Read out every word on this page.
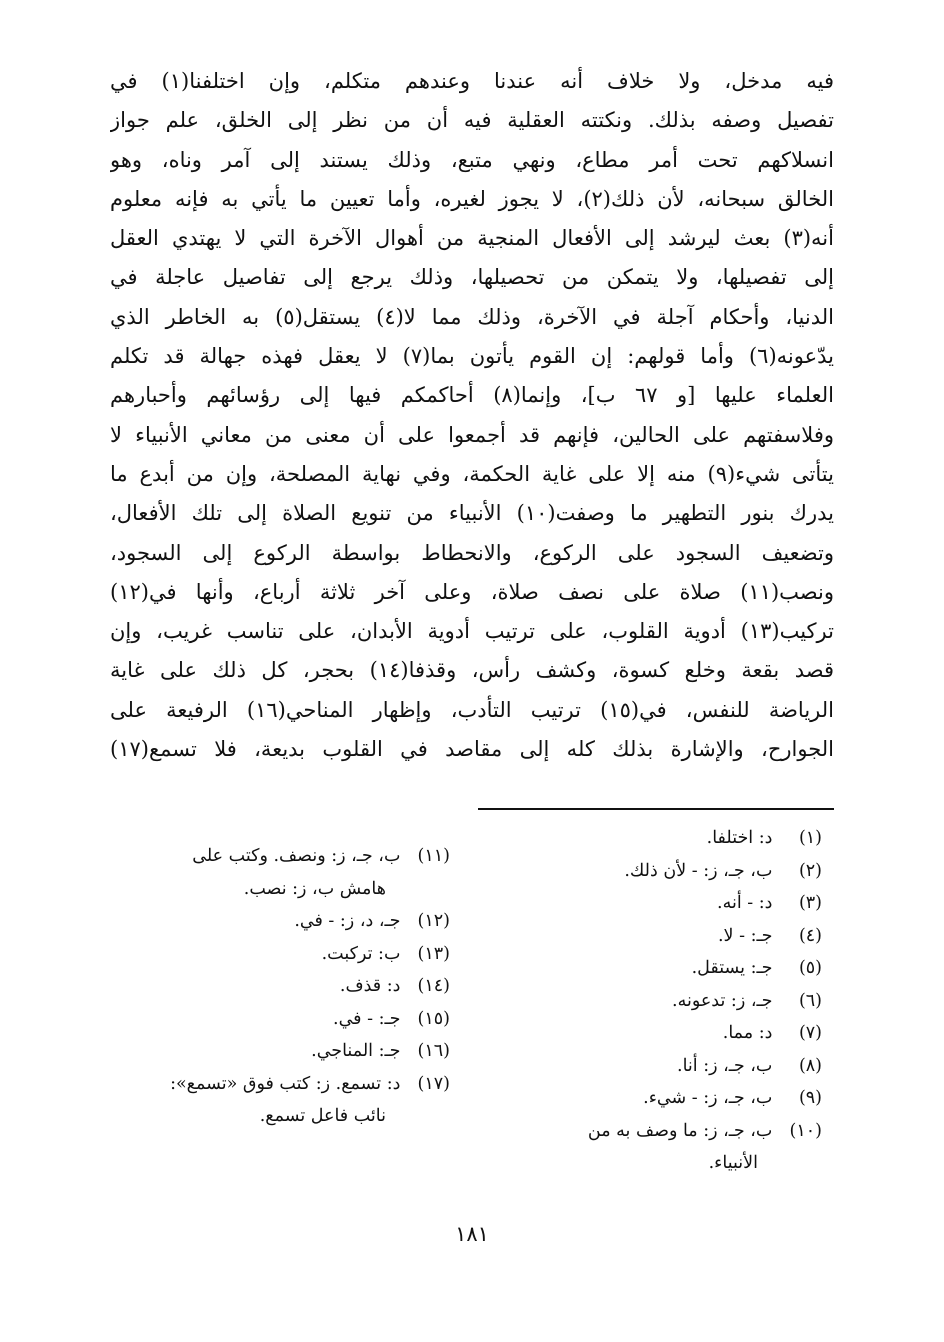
فيه مدخل، ولا خلاف أنه عندنا وعندهم متكلم، وإن اختلفنا(١) في
تفصيل وصفه بذلك. ونكتته العقلية فيه أن من نظر إلى الخلق، علم جواز
انسلاكهم تحت أمر مطاع، ونهي متبع، وذلك يستند إلى آمر وناه، وهو
الخالق سبحانه، لأن ذلك(٢)، لا يجوز لغيره، وأما تعيين ما يأتي به فإنه معلوم
أنه(٣) بعث ليرشد إلى الأفعال المنجية من أهوال الآخرة التي لا يهتدي العقل
إلى تفصيلها، ولا يتمكن من تحصيلها، وذلك يرجع إلى تفاصيل عاجلة في
الدنيا، وأحكام آجلة في الآخرة، وذلك مما لا(٤) يستقل(٥) به الخاطر الذي
يدّعونه(٦) وأما قولهم: إن القوم يأتون بما(٧) لا يعقل فهذه جهالة قد تكلم
العلماء عليها [و ٦٧ ب]، وإنما(٨) أحاكمكم فيها إلى رؤسائهم وأحبارهم
وفلاسفتهم على الحالين، فإنهم قد أجمعوا على أن معنى من معاني الأنبياء لا
يتأتى شيء(٩) منه إلا على غاية الحكمة، وفي نهاية المصلحة، وإن من أبدع ما
يدرك بنور التطهير ما وصفت(١٠) الأنبياء من تنويع الصلاة إلى تلك الأفعال،
وتضعيف السجود على الركوع، والانحطاط بواسطة الركوع إلى السجود،
ونصب(١١) صلاة على نصف صلاة، وعلى آخر ثلاثة أرباع، وأنها في(١٢)
تركيب(١٣) أدوية القلوب، على ترتيب أدوية الأبدان، على تناسب غريب، وإن
قصد بقعة وخلع كسوة، وكشف رأس، وقذفا(١٤) بحجر، كل ذلك على غاية
الرياضة للنفس، في(١٥) ترتيب التأدب، وإظهار المناحي(١٦) الرفيعة على
الجوارح، والإشارة بذلك كله إلى مقاصد في القلوب بديعة، فلا تسمع(١٧)
(١) د: اختلفا.
(٢) ب، جـ، ز: - لأن ذلك.
(٣) د: - أنه.
(٤) جـ: - لا.
(٥) جـ: يستقل.
(٦) جـ، ز: تدعونه.
(٧) د: مما.
(٨) ب، جـ، ز: أنا.
(٩) ب، جـ، ز: - شيء.
(١٠) ب، جـ، ز: ما وصف به من
الأنبياء.
(١١) ب، جـ، ز: ونصف. وكتب على
هامش ب، ز: نصب.
(١٢) جـ، د، ز: - في.
(١٣) ب: تركبت.
(١٤) د: قذف.
(١٥) جـ: - في.
(١٦) جـ: المناجي.
(١٧) د: تسمع. ز: كتب فوق «تسمع»:
نائب فاعل تسمع.
١٨١
